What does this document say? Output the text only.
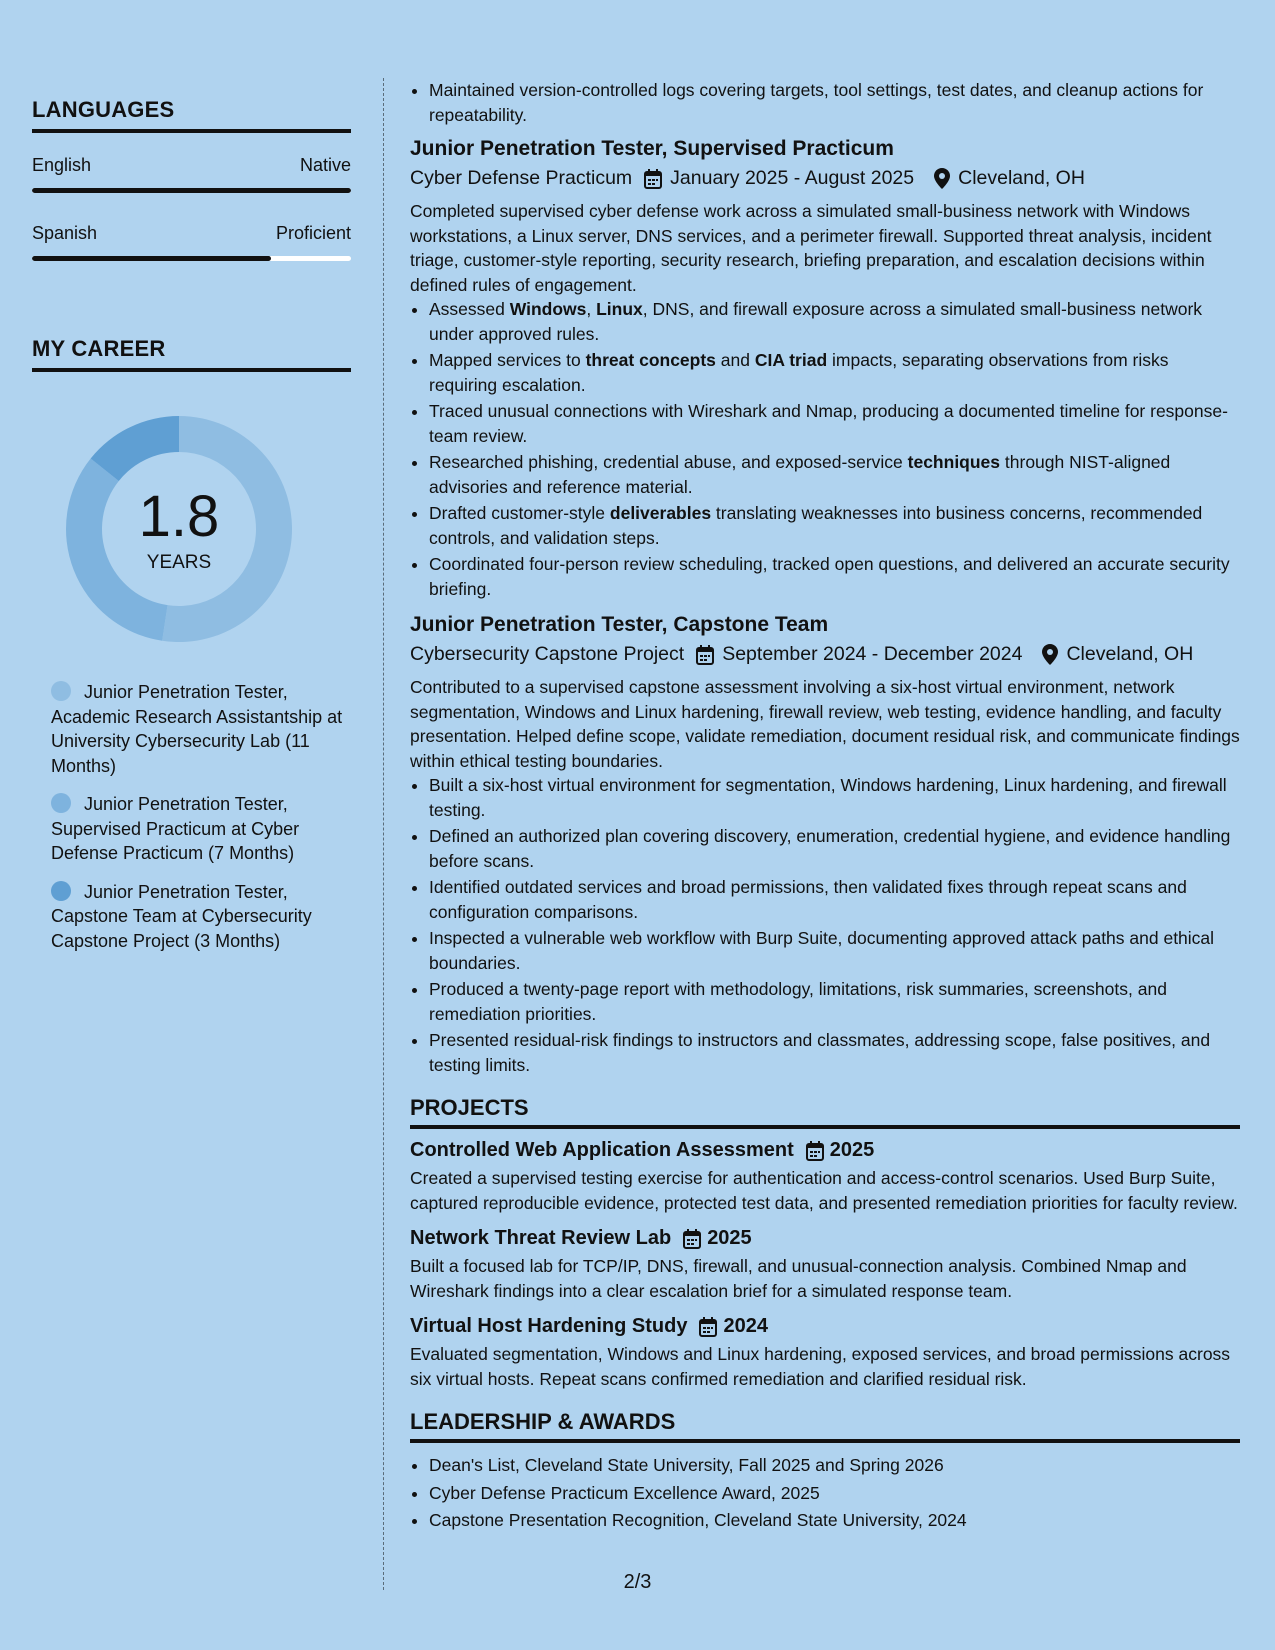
LANGUAGES
English	Native
Spanish	Proficient
MY CAREER
1.8
YEARS
Junior Penetration Tester, Academic Research Assistantship at University Cybersecurity Lab (11 Months)
Junior Penetration Tester, Supervised Practicum at Cyber Defense Practicum (7 Months)
Junior Penetration Tester, Capstone Team at Cybersecurity Capstone Project (3 Months)
• Maintained version-controlled logs covering targets, tool settings, test dates, and cleanup actions for repeatability.
Junior Penetration Tester, Supervised Practicum
Cyber Defense Practicum January 2025 - August 2025 Cleveland, OH

Completed supervised cyber defense work across a simulated small-business network with Windows workstations, a Linux server, DNS services, and a perimeter firewall. Supported threat analysis, incident triage, customer-style reporting, security research, briefing preparation, and escalation decisions within defined rules of engagement.

• Assessed Windows, Linux, DNS, and firewall exposure across a simulated small-business network under approved rules.
• Mapped services to threat concepts and CIA triad impacts, separating observations from risks requiring escalation.
• Traced unusual connections with Wireshark and Nmap, producing a documented timeline for response-team review.
• Researched phishing, credential abuse, and exposed-service techniques through NIST-aligned advisories and reference material.
• Drafted customer-style deliverables translating weaknesses into business concerns, recommended controls, and validation steps.
• Coordinated four-person review scheduling, tracked open questions, and delivered an accurate security briefing.
Junior Penetration Tester, Capstone Team
Cybersecurity Capstone Project September 2024 - December 2024 Cleveland, OH

Contributed to a supervised capstone assessment involving a six-host virtual environment, network segmentation, Windows and Linux hardening, firewall review, web testing, evidence handling, and faculty presentation. Helped define scope, validate remediation, document residual risk, and communicate findings within ethical testing boundaries.

• Built a six-host virtual environment for segmentation, Windows hardening, Linux hardening, and firewall testing.
• Defined an authorized plan covering discovery, enumeration, credential hygiene, and evidence handling before scans.
• Identified outdated services and broad permissions, then validated fixes through repeat scans and configuration comparisons.
• Inspected a vulnerable web workflow with Burp Suite, documenting approved attack paths and ethical boundaries.
• Produced a twenty-page report with methodology, limitations, risk summaries, screenshots, and remediation priorities.
• Presented residual-risk findings to instructors and classmates, addressing scope, false positives, and testing limits.
PROJECTS
Controlled Web Application Assessment 2025

Created a supervised testing exercise for authentication and access-control scenarios. Used Burp Suite, captured reproducible evidence, protected test data, and presented remediation priorities for faculty review.

Network Threat Review Lab 2025

Built a focused lab for TCP/IP, DNS, firewall, and unusual-connection analysis. Combined Nmap and Wireshark findings into a clear escalation brief for a simulated response team.

Virtual Host Hardening Study 2024

Evaluated segmentation, Windows and Linux hardening, exposed services, and broad permissions across six virtual hosts. Repeat scans confirmed remediation and clarified residual risk.

LEADERSHIP & AWARDS
• Dean's List, Cleveland State University, Fall 2025 and Spring 2026
• Cyber Defense Practicum Excellence Award, 2025
• Capstone Presentation Recognition, Cleveland State University, 2024
2/3
